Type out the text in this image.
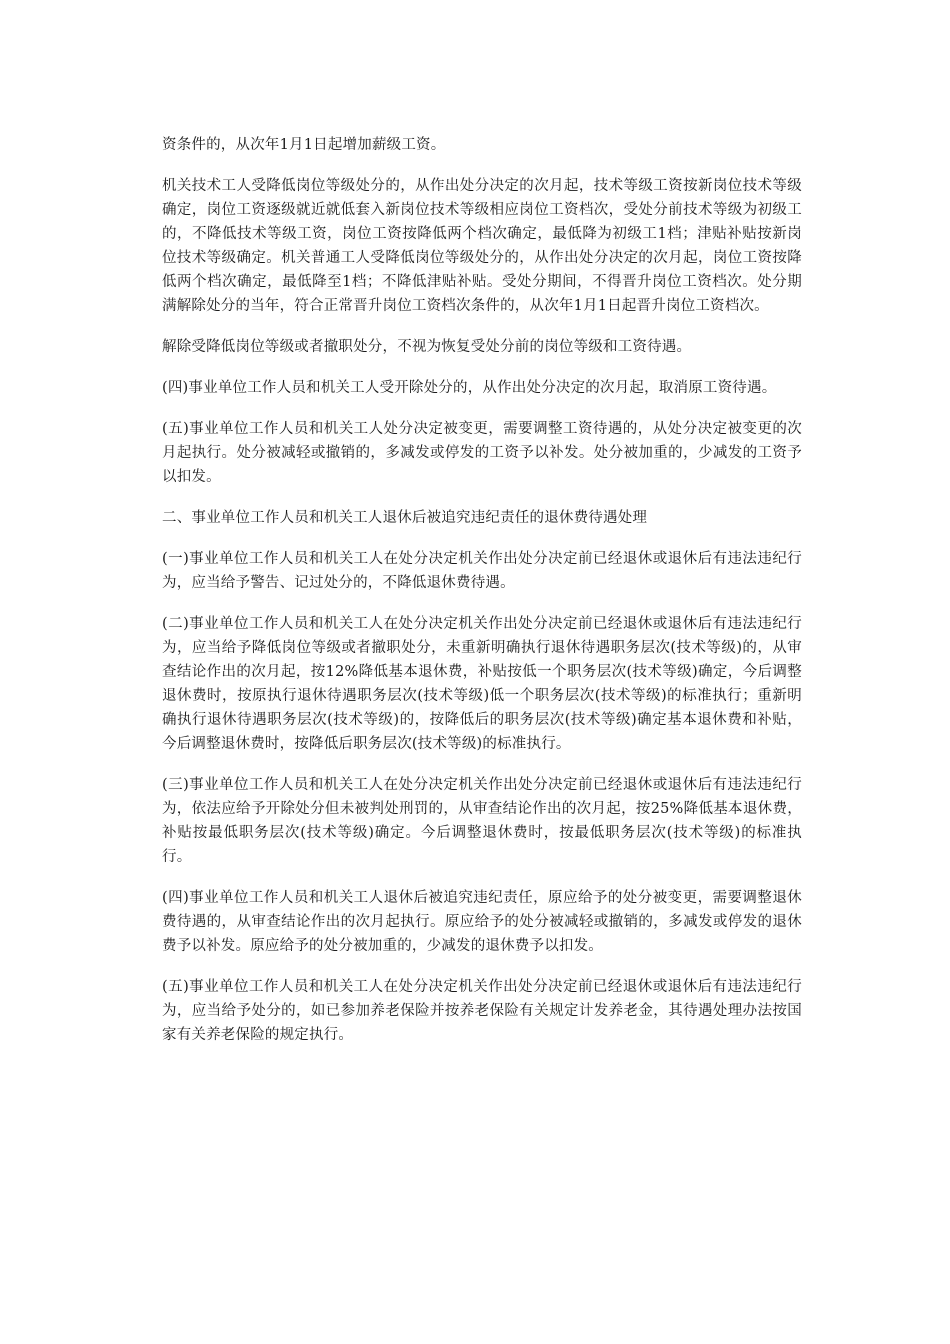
资条件的，从次年1月1日起增加薪级工资。

机关技术工人受降低岗位等级处分的，从作出处分决定的次月起，技术等级工资按新岗位技术等级确定，岗位工资逐级就近就低套入新岗位技术等级相应岗位工资档次，受处分前技术等级为初级工的，不降低技术等级工资，岗位工资按降低两个档次确定，最低降为初级工1档；津贴补贴按新岗位技术等级确定。机关普通工人受降低岗位等级处分的，从作出处分决定的次月起，岗位工资按降低两个档次确定，最低降至1档；不降低津贴补贴。受处分期间，不得晋升岗位工资档次。处分期满解除处分的当年，符合正常晋升岗位工资档次条件的，从次年1月1日起晋升岗位工资档次。

解除受降低岗位等级或者撤职处分，不视为恢复受处分前的岗位等级和工资待遇。

(四)事业单位工作人员和机关工人受开除处分的，从作出处分决定的次月起，取消原工资待遇。

(五)事业单位工作人员和机关工人处分决定被变更，需要调整工资待遇的，从处分决定被变更的次月起执行。处分被减轻或撤销的，多减发或停发的工资予以补发。处分被加重的，少减发的工资予以扣发。

二、事业单位工作人员和机关工人退休后被追究违纪责任的退休费待遇处理

(一)事业单位工作人员和机关工人在处分决定机关作出处分决定前已经退休或退休后有违法违纪行为，应当给予警告、记过处分的，不降低退休费待遇。

(二)事业单位工作人员和机关工人在处分决定机关作出处分决定前已经退休或退休后有违法违纪行为，应当给予降低岗位等级或者撤职处分，未重新明确执行退休待遇职务层次(技术等级)的，从审查结论作出的次月起，按12%降低基本退休费，补贴按低一个职务层次(技术等级)确定，今后调整退休费时，按原执行退休待遇职务层次(技术等级)低一个职务层次(技术等级)的标准执行；重新明确执行退休待遇职务层次(技术等级)的，按降低后的职务层次(技术等级)确定基本退休费和补贴，今后调整退休费时，按降低后职务层次(技术等级)的标准执行。

(三)事业单位工作人员和机关工人在处分决定机关作出处分决定前已经退休或退休后有违法违纪行为，依法应给予开除处分但未被判处刑罚的，从审查结论作出的次月起，按25%降低基本退休费，补贴按最低职务层次(技术等级)确定。今后调整退休费时，按最低职务层次(技术等级)的标准执行。

(四)事业单位工作人员和机关工人退休后被追究违纪责任，原应给予的处分被变更，需要调整退休费待遇的，从审查结论作出的次月起执行。原应给予的处分被减轻或撤销的，多减发或停发的退休费予以补发。原应给予的处分被加重的，少减发的退休费予以扣发。

(五)事业单位工作人员和机关工人在处分决定机关作出处分决定前已经退休或退休后有违法违纪行为，应当给予处分的，如已参加养老保险并按养老保险有关规定计发养老金，其待遇处理办法按国家有关养老保险的规定执行。
